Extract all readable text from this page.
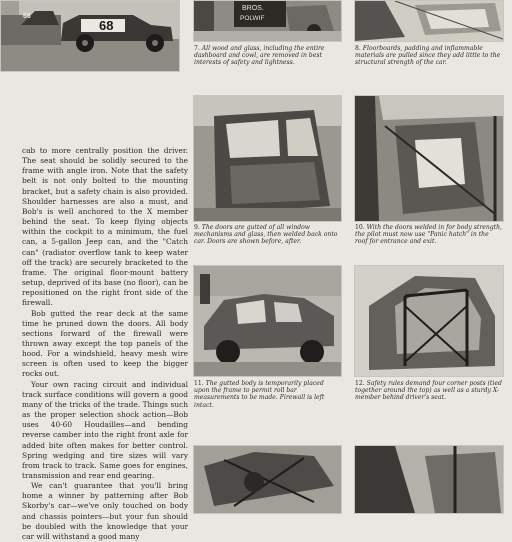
68
66
BROS.
POLWIF

7. All wood and glass, including the entire dashboard and cowl, are removed in best interests of safety and lightness.

8. Floorboards, padding and inflammable materials are pulled since they add little to the structural strength of the car.

9. The doors are gutted of all window mechanisms and glass, then welded back onto car. Doors are shown before, after.

10. With the doors welded in for body strength, the pilot must now use "Panic hatch" in the roof for entrance and exit.

11. The gutted body is temporarily placed upon the frame to permit roll bar measurements to be made. Firewall is left intact.

12. Safety rules demand four corner posts (tied together around the top) as well as a sturdy X-member behind driver's seat.

cab to more centrally position the driver. The seat should be solidly secured to the frame with angle iron. Note that the safety belt is not only bolted to the mounting bracket, but a safety chain is also provided. Shoulder harnesses are also a must, and Bob's is well anchored to the X member behind the seat. To keep flying objects within the cockpit to a minimum, the fuel can, a 5-gallon Jeep can, and the "Catch can" (radiator overflow tank to keep water off the track) are securely bracketed to the frame. The original floor-mount battery setup, deprived of its base (no floor), can be repositioned on the right front side of the firewall.

Bob gutted the rear deck at the same time he pruned down the doors. All body sections forward of the firewall were thrown away except the top panels of the hood. For a windshield, heavy mesh wire screen is often used to keep the bigger rocks out.

Your own racing circuit and individual track surface conditions will govern a good many of the tricks of the trade. Things such as the proper selection shock action—Bob uses 40-60 Houdailles—and bending reverse camber into the right front axle for added bite often makes for better control. Spring wedging and tire sizes will vary from track to track. Same goes for engines, transmission and rear end gearing.

We can't guarantee that you'll bring home a winner by patterning after Bob Skorby's car—we've only touched on body and chassis pointers—but your fun should be doubled with the knowledge that your car will withstand a good many
